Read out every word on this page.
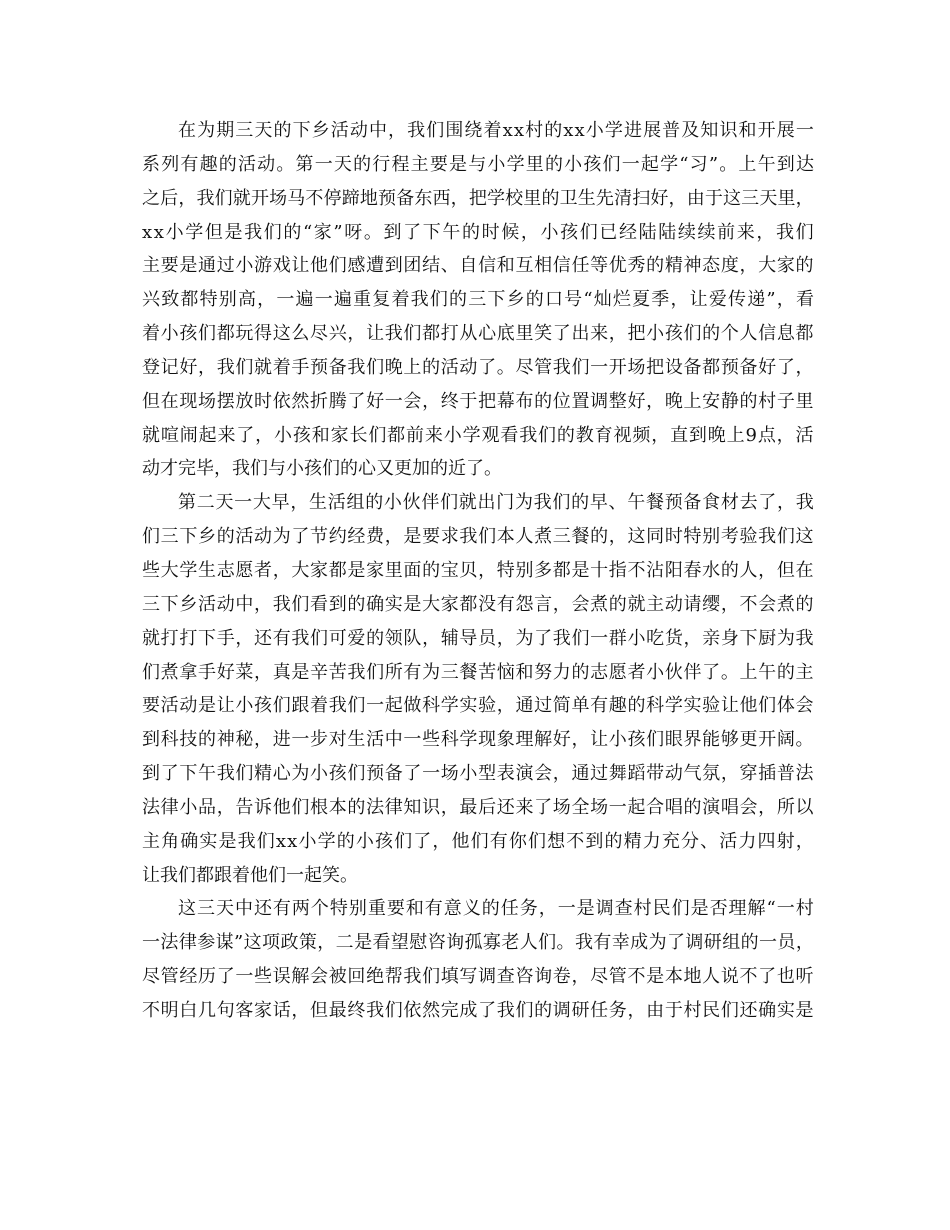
在 为 期 三 天 的 下 乡 活 动 中 ， 我 们 围 绕 着 x x 村 的 x x 小 学 进 展 普 及 知 识 和 开 展 一
系 列 有 趣 的 活 动 。 第 一 天 的 行 程 主 要 是 与 小 学 里 的 小 孩 们 一 起 学 “ 习 ” 。 上 午 到 达
之 后 ， 我 们 就 开 场 马 不 停 蹄 地 预 备 东 西 ， 把 学 校 里 的 卫 生 先 清 扫 好 ， 由 于 这 三 天 里 ，
x x 小 学 但 是 我 们 的 “ 家 ” 呀 。 到 了 下 午 的 时 候 ， 小 孩 们 已 经 陆 陆 续 续 前 来 ， 我 们
主 要 是 通 过 小 游 戏 让 他 们 感 遭 到 团 结 、 自 信 和 互 相 信 任 等 优 秀 的 精 神 态 度 ， 大 家 的
兴 致 都 特 别 高 ， 一 遍 一 遍 重 复 着 我 们 的 三 下 乡 的 口 号 “ 灿 烂 夏 季 ， 让 爱 传 递 ” ， 看
着 小 孩 们 都 玩 得 这 么 尽 兴 ， 让 我 们 都 打 从 心 底 里 笑 了 出 来 ， 把 小 孩 们 的 个 人 信 息 都
登 记 好 ， 我 们 就 着 手 预 备 我 们 晚 上 的 活 动 了 。 尽 管 我 们 一 开 场 把 设 备 都 预 备 好 了 ，
但 在 现 场 摆 放 时 依 然 折 腾 了 好 一 会 ， 终 于 把 幕 布 的 位 置 调 整 好 ， 晚 上 安 静 的 村 子 里
就 喧 闹 起 来 了 ， 小 孩 和 家 长 们 都 前 来 小 学 观 看 我 们 的 教 育 视 频 ， 直 到 晚 上 9 点 ， 活
动才完毕，我们与小孩们的心又更加的近了。
第 二 天 一 大 早 ， 生 活 组 的 小 伙 伴 们 就 出 门 为 我 们 的 早 、 午 餐 预 备 食 材 去 了 ， 我
们 三 下 乡 的 活 动 为 了 节 约 经 费 ， 是 要 求 我 们 本 人 煮 三 餐 的 ， 这 同 时 特 别 考 验 我 们 这
些 大 学 生 志 愿 者 ， 大 家 都 是 家 里 面 的 宝 贝 ， 特 别 多 都 是 十 指 不 沾 阳 春 水 的 人 ， 但 在
三 下 乡 活 动 中 ， 我 们 看 到 的 确 实 是 大 家 都 没 有 怨 言 ， 会 煮 的 就 主 动 请 缨 ， 不 会 煮 的
就 打 打 下 手 ， 还 有 我 们 可 爱 的 领 队 ， 辅 导 员 ， 为 了 我 们 一 群 小 吃 货 ， 亲 身 下 厨 为 我
们 煮 拿 手 好 菜 ， 真 是 辛 苦 我 们 所 有 为 三 餐 苦 恼 和 努 力 的 志 愿 者 小 伙 伴 了 。 上 午 的 主
要 活 动 是 让 小 孩 们 跟 着 我 们 一 起 做 科 学 实 验 ， 通 过 简 单 有 趣 的 科 学 实 验 让 他 们 体 会
到 科 技 的 神 秘 ， 进 一 步 对 生 活 中 一 些 科 学 现 象 理 解 好 ， 让 小 孩 们 眼 界 能 够 更 开 阔 。
到 了 下 午 我 们 精 心 为 小 孩 们 预 备 了 一 场 小 型 表 演 会 ， 通 过 舞 蹈 带 动 气 氛 ， 穿 插 普 法
法 律 小 品 ， 告 诉 他 们 根 本 的 法 律 知 识 ， 最 后 还 来 了 场 全 场 一 起 合 唱 的 演 唱 会 ， 所 以
主 角 确 实 是 我 们 x x 小 学 的 小 孩 们 了 ， 他 们 有 你 们 想 不 到 的 精 力 充 分 、 活 力 四 射 ，
让我们都跟着他们一起笑。
这 三 天 中 还 有 两 个 特 别 重 要 和 有 意 义 的 任 务 ， 一 是 调 查 村 民 们 是 否 理 解 “ 一 村
一 法 律 参 谋 ” 这 项 政 策 ， 二 是 看 望 慰 咨 询 孤 寡 老 人 们 。 我 有 幸 成 为 了 调 研 组 的 一 员 ，
尽 管 经 历 了 一 些 误 解 会 被 回 绝 帮 我 们 填 写 调 查 咨 询 卷 ， 尽 管 不 是 本 地 人 说 不 了 也 听
不 明 白 几 句 客 家 话 ， 但 最 终 我 们 依 然 完 成 了 我 们 的 调 研 任 务 ， 由 于 村 民 们 还 确 实 是
